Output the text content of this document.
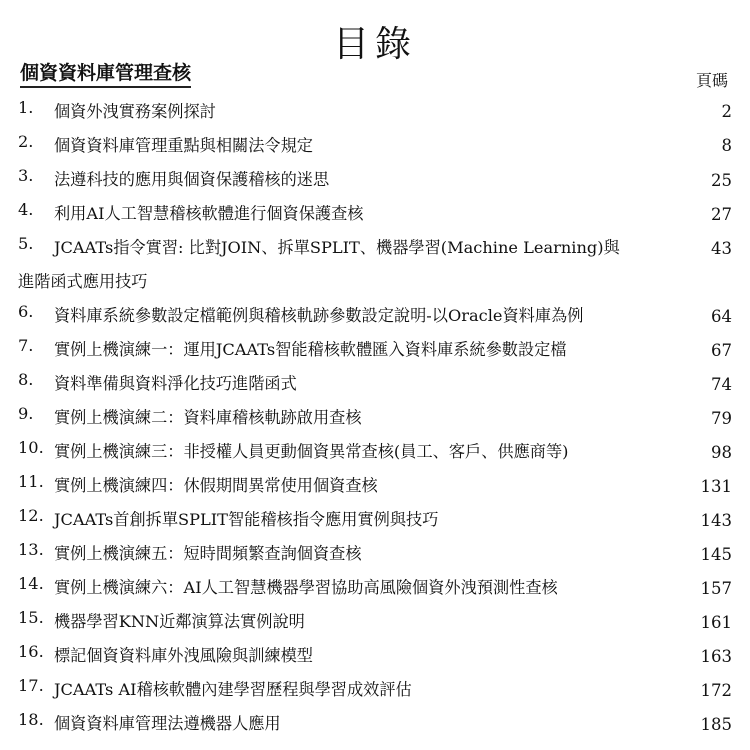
目錄
個資資料庫管理查核	頁碼
1. 個資外洩實務案例探討	2
2. 個資資料庫管理重點與相關法令規定	8
3. 法遵科技的應用與個資保護稽核的迷思	25
4. 利用AI人工智慧稽核軟體進行個資保護查核	27
5. JCAATs指令實習: 比對JOIN、拆單SPLIT、機器學習(Machine Learning)與	43
進階函式應用技巧
6. 資料庫系統參數設定檔範例與稽核軌跡參數設定說明-以Oracle資料庫為例	64
7. 實例上機演練一：運用JCAATs智能稽核軟體匯入資料庫系統參數設定檔	67
8. 資料準備與資料淨化技巧進階函式	74
9. 實例上機演練二：資料庫稽核軌跡啟用查核	79
10. 實例上機演練三：非授權人員更動個資異常查核(員工、客戶、供應商等)	98
11. 實例上機演練四：休假期間異常使用個資查核	131
12. JCAATs首創拆單SPLIT智能稽核指令應用實例與技巧	143
13. 實例上機演練五：短時間頻繁查詢個資查核	145
14. 實例上機演練六：AI人工智慧機器學習協助高風險個資外洩預測性查核	157
15. 機器學習KNN近鄰演算法實例說明	161
16. 標記個資資料庫外洩風險與訓練模型	163
17. JCAATs AI稽核軟體內建學習歷程與學習成效評估	172
18. 個資資料庫管理法遵機器人應用	185
